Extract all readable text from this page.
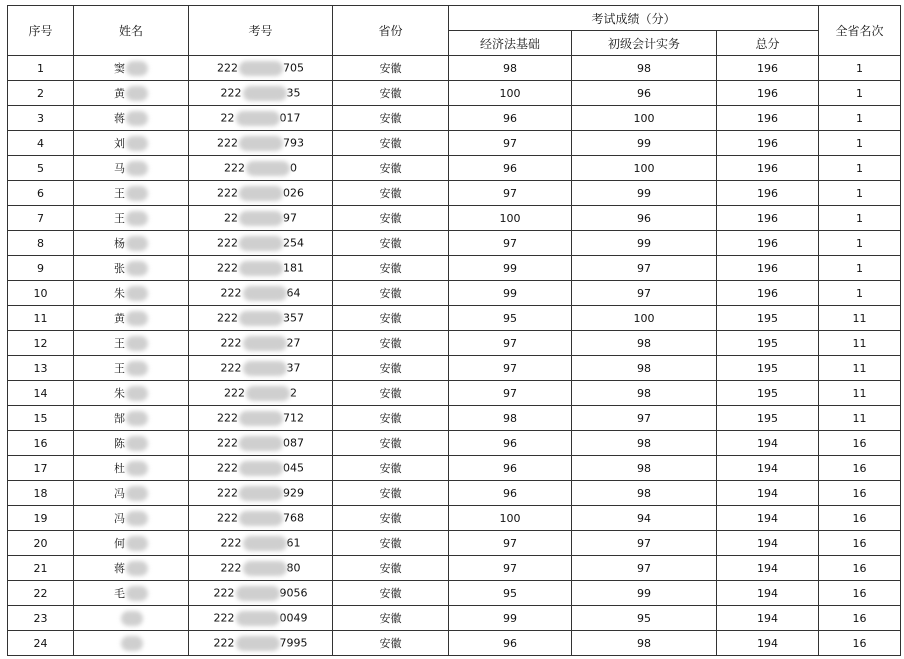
序号	姓名	考号	省份	考试成绩（分）			全省名次
				经济法基础	初级会计实务	总分	
1	窦	222 705	安徽	98	98	196	1
2	黄	222 35	安徽	100	96	196	1
3	蒋	22 017	安徽	96	100	196	1
4	刘	222 793	安徽	97	99	196	1
5	马	222 0	安徽	96	100	196	1
6	王	222 026	安徽	97	99	196	1
7	王	22 97	安徽	100	96	196	1
8	杨	222 254	安徽	97	99	196	1
9	张	222 181	安徽	99	97	196	1
10	朱	222 64	安徽	99	97	196	1
11	黄	222 357	安徽	95	100	195	11
12	王	222 27	安徽	97	98	195	11
13	王	222 37	安徽	97	98	195	11
14	朱	222 2	安徽	97	98	195	11
15	郜	222 712	安徽	98	97	195	11
16	陈	222 087	安徽	96	98	194	16
17	杜	222 045	安徽	96	98	194	16
18	冯	222 929	安徽	96	98	194	16
19	冯	222 768	安徽	100	94	194	16
20	何	222 61	安徽	97	97	194	16
21	蒋	222 80	安徽	97	97	194	16
22	毛	222 9056	安徽	95	99	194	16
23		222 0049	安徽	99	95	194	16
24		222 7995	安徽	96	98	194	16
